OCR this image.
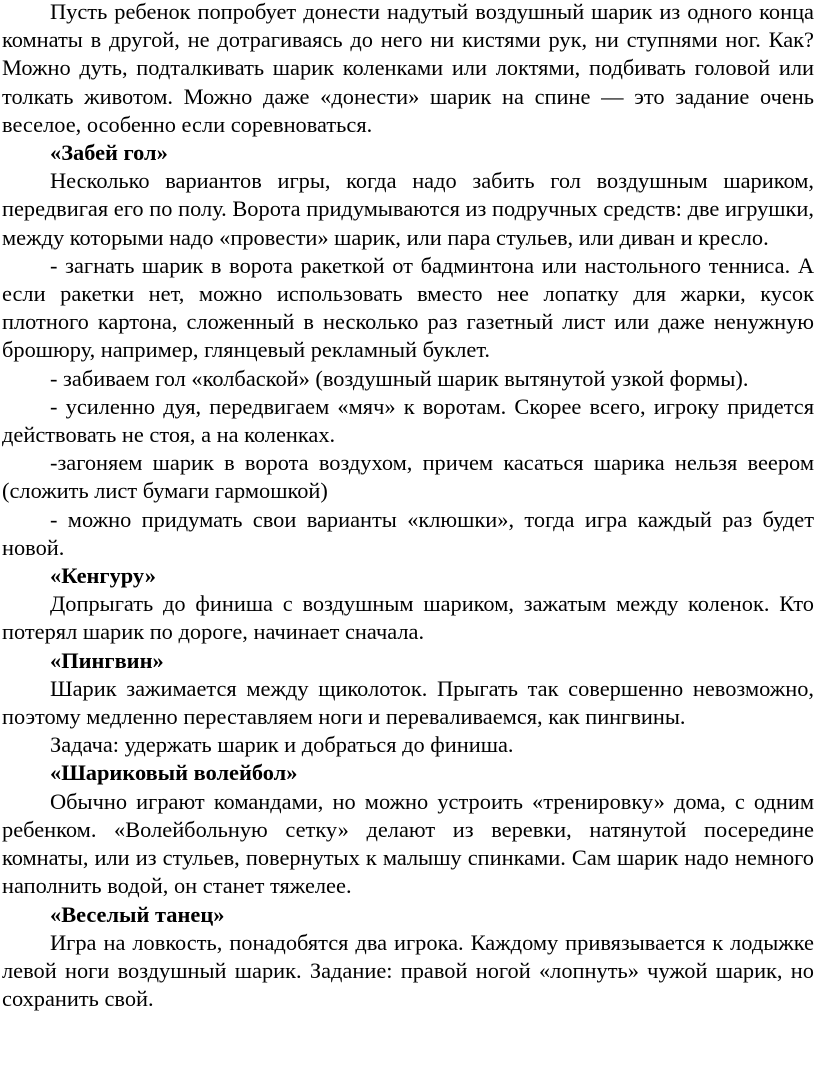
Пусть ребенок попробует донести надутый воздушный шарик из одного конца комнаты в другой, не дотрагиваясь до него ни кистями рук, ни ступнями ног. Как? Можно дуть, подталкивать шарик коленками или локтями, подбивать головой или толкать животом. Можно даже «донести» шарик на спине — это задание очень веселое, особенно если соревноваться.

«Забей гол»

Несколько вариантов игры, когда надо забить гол воздушным шариком, передвигая его по полу. Ворота придумываются из подручных средств: две игрушки, между которыми надо «провести» шарик, или пара стульев, или диван и кресло.

- загнать шарик в ворота ракеткой от бадминтона или настольного тенниса. А если ракетки нет, можно использовать вместо нее лопатку для жарки, кусок плотного картона, сложенный в несколько раз газетный лист или даже ненужную брошюру, например, глянцевый рекламный буклет.

- забиваем гол «колбаской» (воздушный шарик вытянутой узкой формы).

- усиленно дуя, передвигаем «мяч» к воротам. Скорее всего, игроку придется действовать не стоя, а на коленках.

-загоняем шарик в ворота воздухом, причем касаться шарика нельзя веером (сложить лист бумаги гармошкой)

- можно придумать свои варианты «клюшки», тогда игра каждый раз будет новой.

«Кенгуру»

Допрыгать до финиша с воздушным шариком, зажатым между коленок. Кто потерял шарик по дороге, начинает сначала.

«Пингвин»

Шарик зажимается между щиколоток. Прыгать так совершенно невозможно, поэтому медленно переставляем ноги и переваливаемся, как пингвины.

Задача: удержать шарик и добраться до финиша.

«Шариковый волейбол»

Обычно играют командами, но можно устроить «тренировку» дома, с одним ребенком. «Волейбольную сетку» делают из веревки, натянутой посередине комнаты, или из стульев, повернутых к малышу спинками. Сам шарик надо немного наполнить водой, он станет тяжелее.

«Веселый танец»

Игра на ловкость, понадобятся два игрока. Каждому привязывается к лодыжке левой ноги воздушный шарик. Задание: правой ногой «лопнуть» чужой шарик, но сохранить свой.
